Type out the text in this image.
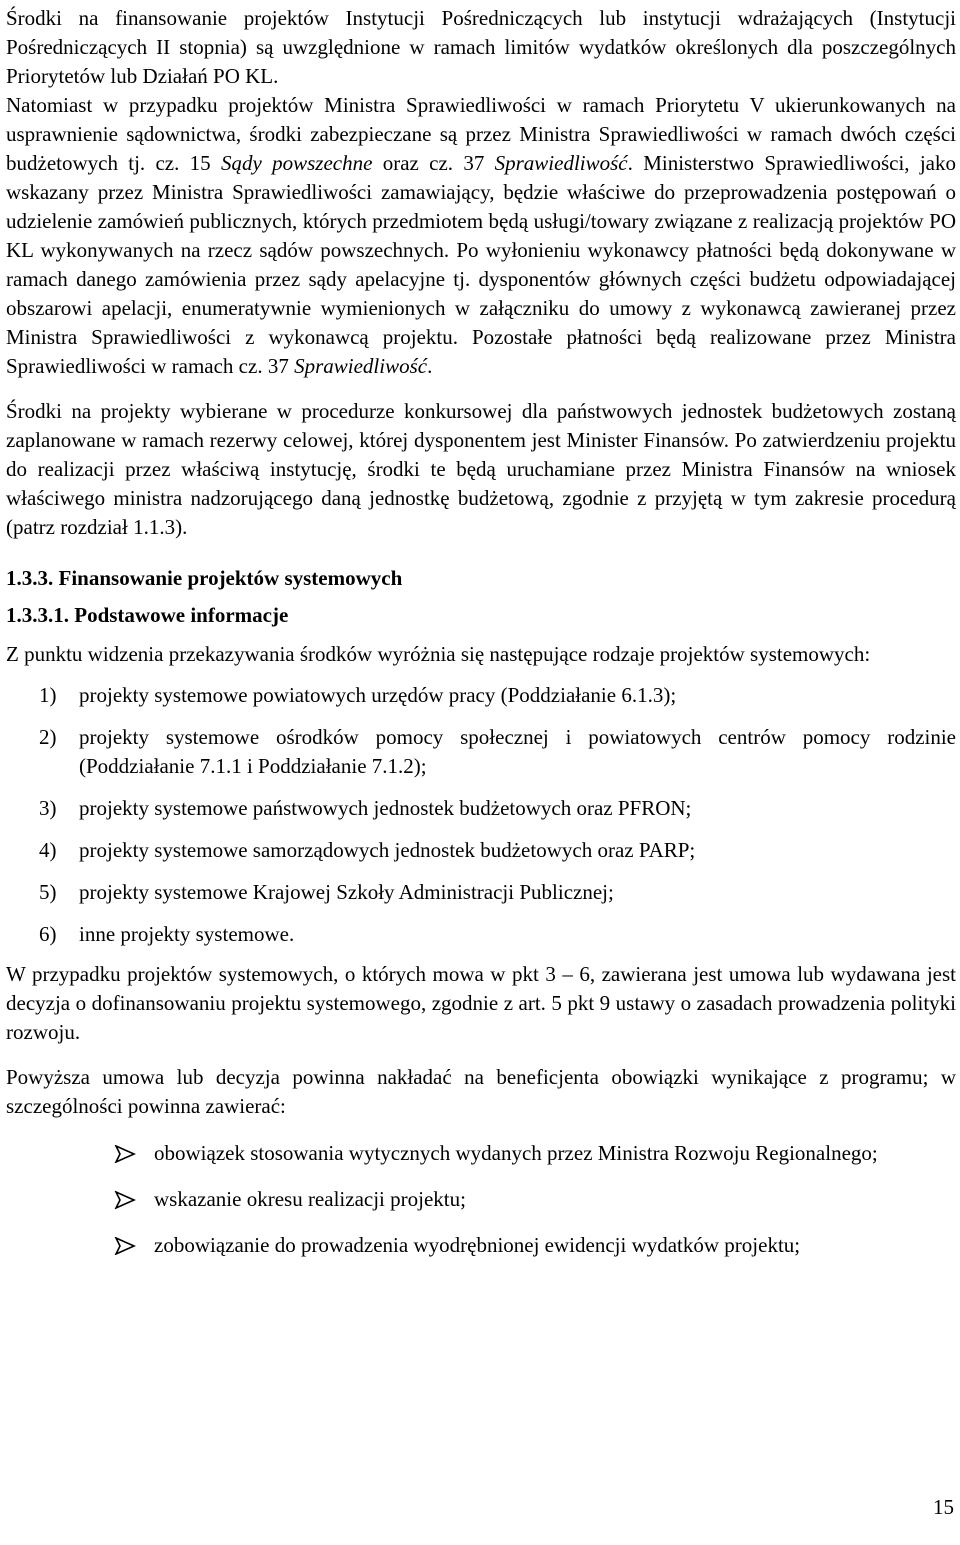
Środki na finansowanie projektów Instytucji Pośredniczących lub instytucji wdrażających (Instytucji Pośredniczących II stopnia) są uwzględnione w ramach limitów wydatków określonych dla poszczególnych Priorytetów lub Działań PO KL.

Natomiast w przypadku projektów Ministra Sprawiedliwości w ramach Priorytetu V ukierunkowanych na usprawnienie sądownictwa, środki zabezpieczane są przez Ministra Sprawiedliwości w ramach dwóch części budżetowych tj. cz. 15 Sądy powszechne oraz cz. 37 Sprawiedliwość. Ministerstwo Sprawiedliwości, jako wskazany przez Ministra Sprawiedliwości zamawiający, będzie właściwe do przeprowadzenia postępowań o udzielenie zamówień publicznych, których przedmiotem będą usługi/towary związane z realizacją projektów PO KL wykonywanych na rzecz sądów powszechnych. Po wyłonieniu wykonawcy płatności będą dokonywane w ramach danego zamówienia przez sądy apelacyjne tj. dysponentów głównych części budżetu odpowiadającej obszarowi apelacji, enumeratywnie wymienionych w załączniku do umowy z wykonawcą zawieranej przez Ministra Sprawiedliwości z wykonawcą projektu. Pozostałe płatności będą realizowane przez Ministra Sprawiedliwości w ramach cz. 37 Sprawiedliwość.

Środki na projekty wybierane w procedurze konkursowej dla państwowych jednostek budżetowych zostaną zaplanowane w ramach rezerwy celowej, której dysponentem jest Minister Finansów. Po zatwierdzeniu projektu do realizacji przez właściwą instytucję, środki te będą uruchamiane przez Ministra Finansów na wniosek właściwego ministra nadzorującego daną jednostkę budżetową, zgodnie z przyjętą w tym zakresie procedurą (patrz rozdział 1.1.3).

1.3.3. Finansowanie projektów systemowych
1.3.3.1. Podstawowe informacje

Z punktu widzenia przekazywania środków wyróżnia się następujące rodzaje projektów systemowych:

1) projekty systemowe powiatowych urzędów pracy (Poddziałanie 6.1.3);
2) projekty systemowe ośrodków pomocy społecznej i powiatowych centrów pomocy rodzinie (Poddziałanie 7.1.1 i Poddziałanie 7.1.2);
3) projekty systemowe państwowych jednostek budżetowych oraz PFRON;
4) projekty systemowe samorządowych jednostek budżetowych oraz PARP;
5) projekty systemowe Krajowej Szkoły Administracji Publicznej;
6) inne projekty systemowe.

W przypadku projektów systemowych, o których mowa w pkt 3 – 6, zawierana jest umowa lub wydawana jest decyzja o dofinansowaniu projektu systemowego, zgodnie z art. 5 pkt 9 ustawy o zasadach prowadzenia polityki rozwoju.

Powyższa umowa lub decyzja powinna nakładać na beneficjenta obowiązki wynikające z programu; w szczególności powinna zawierać:

obowiązek stosowania wytycznych wydanych przez Ministra Rozwoju Regionalnego;
wskazanie okresu realizacji projektu;
zobowiązanie do prowadzenia wyodrębnionej ewidencji wydatków projektu;
15
